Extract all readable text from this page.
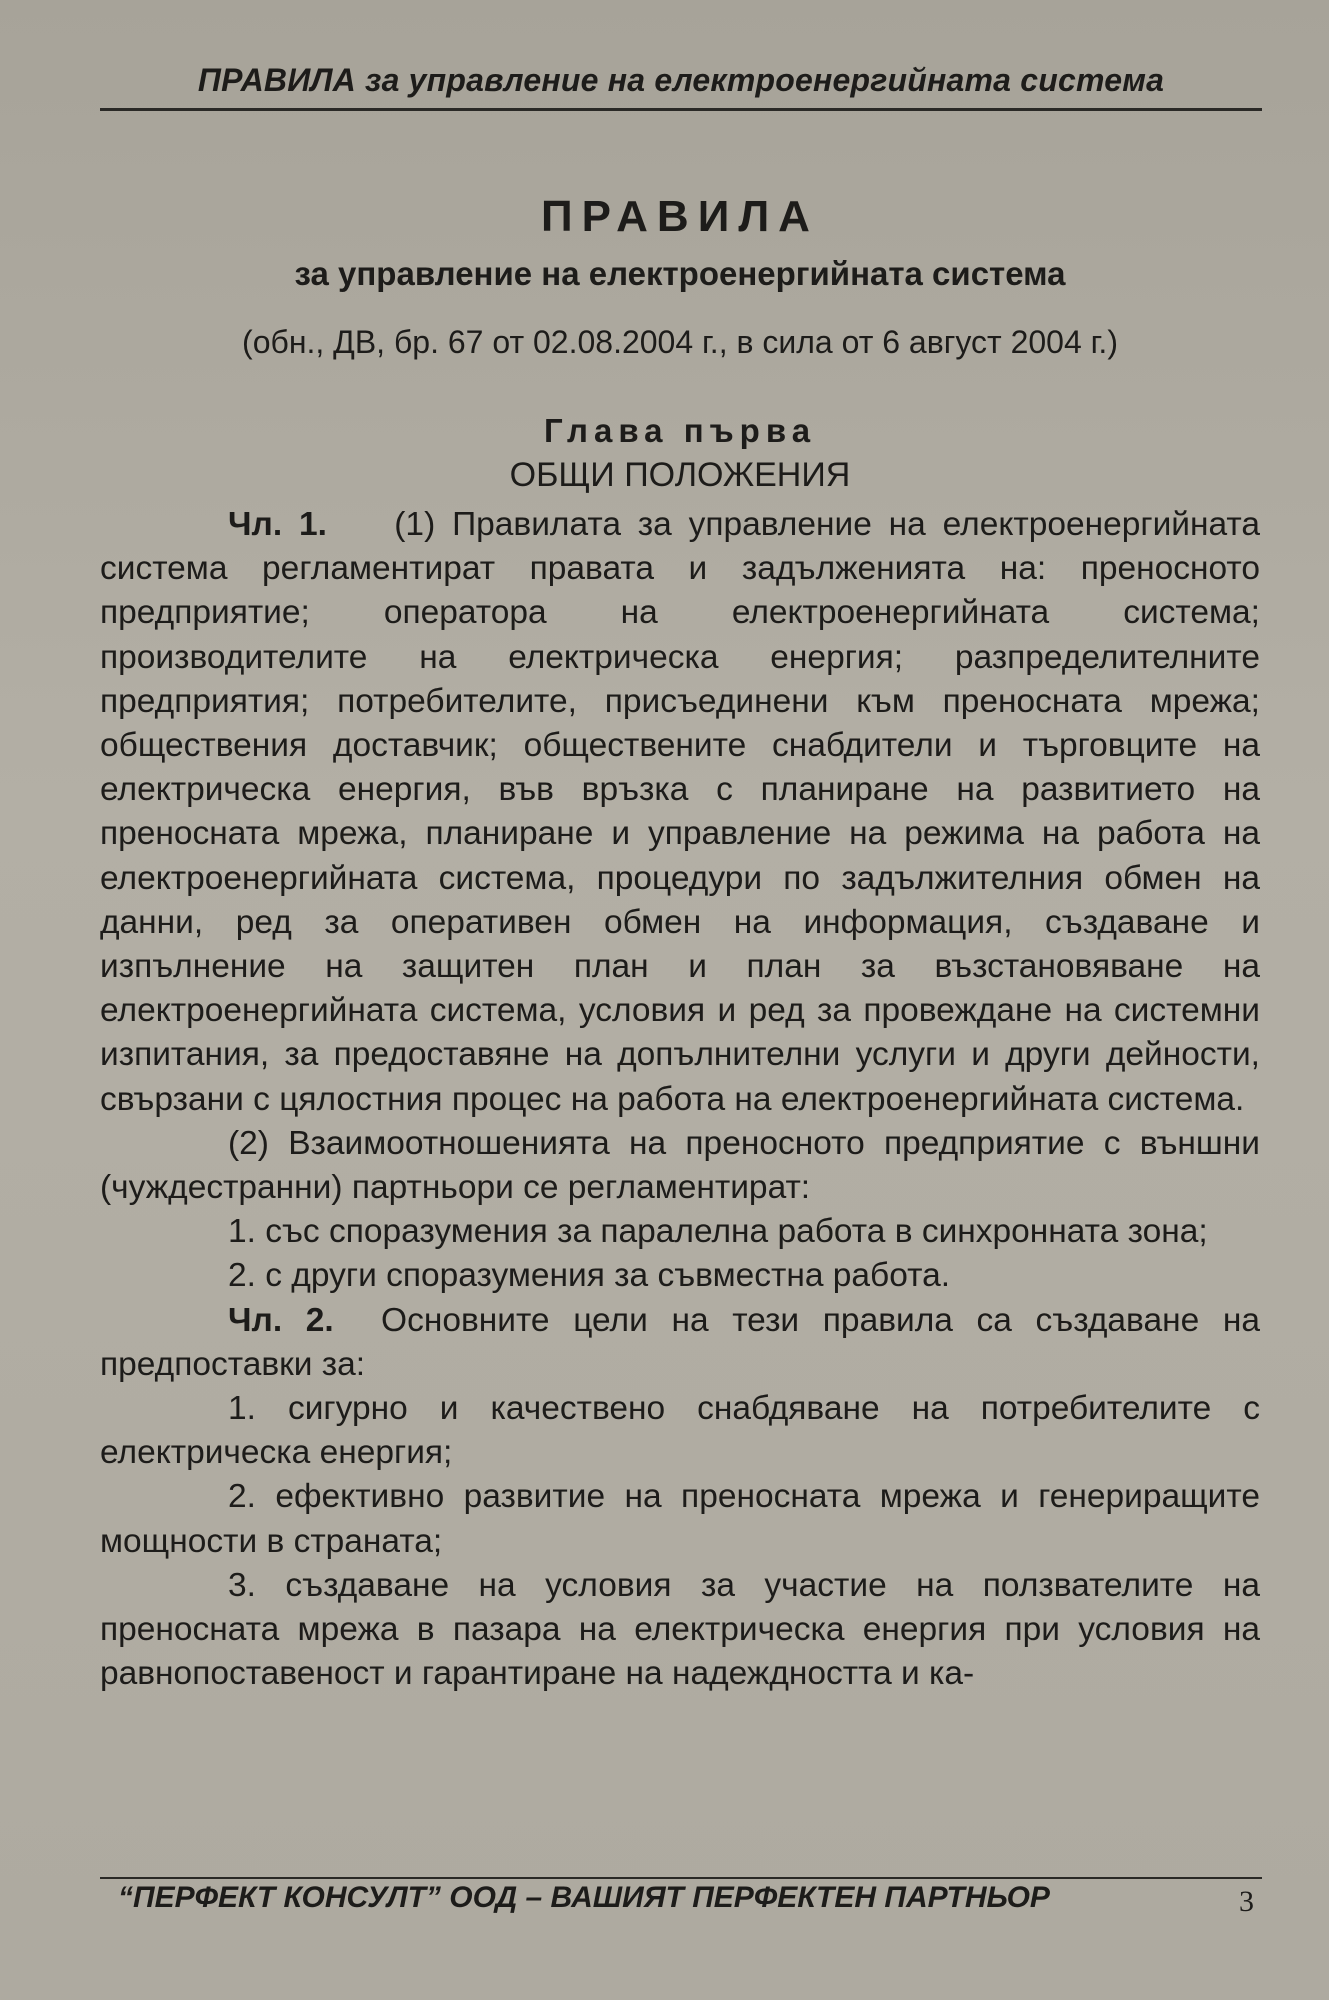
ПРАВИЛА за управление на електроенергийната система
ПРАВИЛА
за управление на електроенергийната система
(обн., ДВ, бр. 67 от 02.08.2004 г., в сила от 6 август 2004 г.)
Глава първа
ОБЩИ ПОЛОЖЕНИЯ

Чл. 1. (1) Правилата за управление на електроенергийната система регламентират правата и задълженията на: преносното предприятие; оператора на електроенергийната система; производителите на електрическа енергия; разпределителните предприятия; потребителите, присъединени към преносната мрежа; обществения доставчик; обществените снабдители и търговците на електрическа енергия, във връзка с планиране на развитието на преносната мрежа, планиране и управление на режима на работа на електроенергийната система, процедури по задължителния обмен на данни, ред за оперативен обмен на информация, създаване и изпълнение на защитен план и план за възстановяване на електроенергийната система, условия и ред за провеждане на системни изпитания, за предоставяне на допълнителни услуги и други дейности, свързани с цялостния процес на работа на електроенергийната система.

(2) Взаимоотношенията на преносното предприятие с външни (чуждестранни) партньори се регламентират:

1. със споразумения за паралелна работа в синхронната зона;

2. с други споразумения за съвместна работа.

Чл. 2. Основните цели на тези правила са създаване на предпоставки за:

1. сигурно и качествено снабдяване на потребителите с електрическа енергия;

2. ефективно развитие на преносната мрежа и генериращите мощности в страната;

3. създаване на условия за участие на ползвателите на преносната мрежа в пазара на електрическа енергия при условия на равнопоставеност и гарантиране на надеждността и ка-

“ПЕРФЕКТ КОНСУЛТ” ООД – ВАШИЯТ ПЕРФЕКТЕН ПАРТНЬОР	3
